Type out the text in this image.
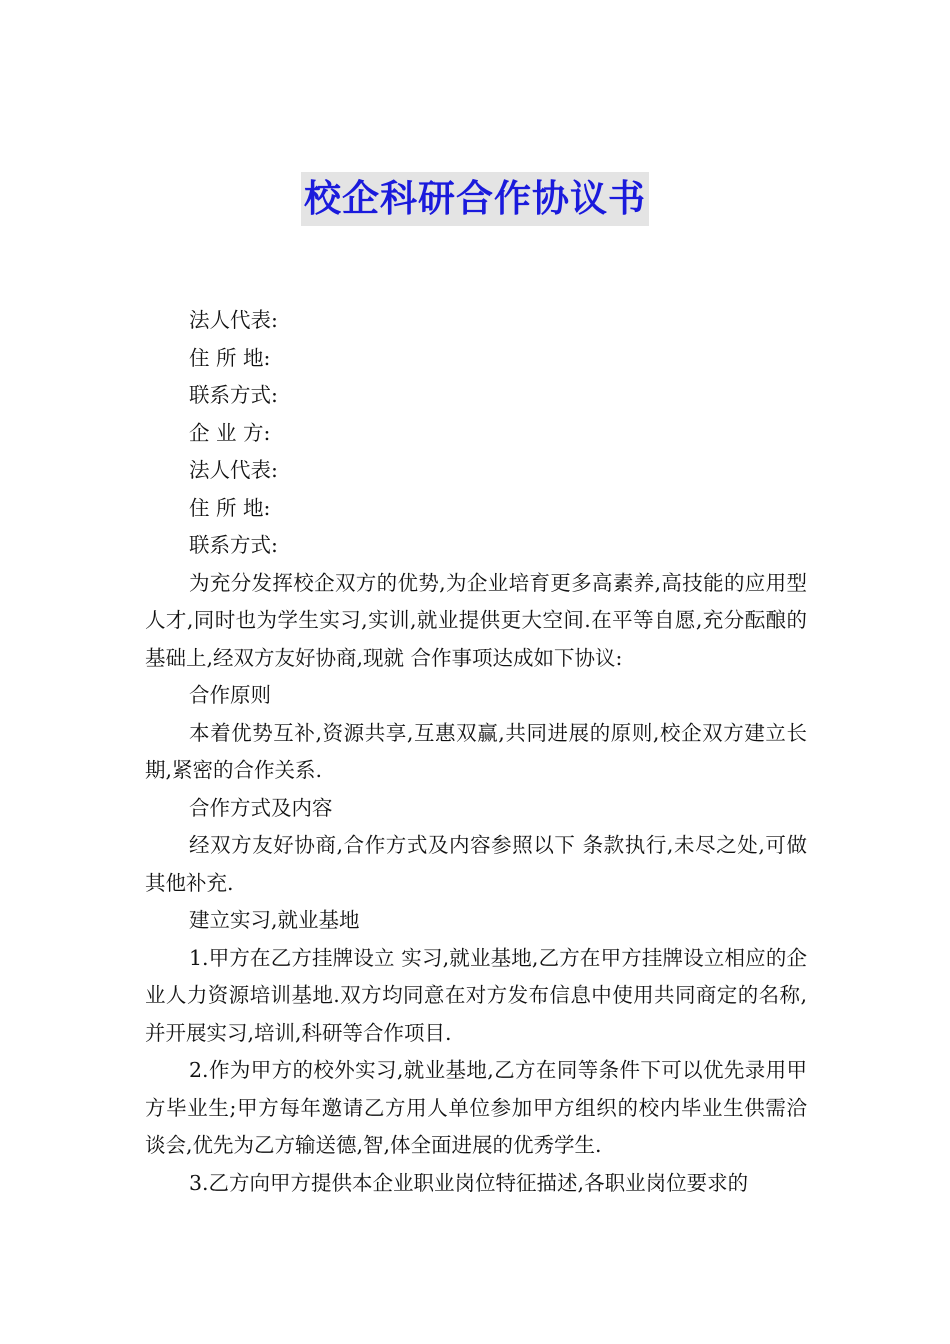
校企科研合作协议书

法人代表:

住 所 地:

联系方式:

企 业 方:

法人代表:

住 所 地:

联系方式:

为充分发挥校企双方的优势,为企业培育更多高素养,高技能的应用型人才,同时也为学生实习,实训,就业提供更大空间.在平等自愿,充分酝酿的基础上,经双方友好协商,现就 合作事项达成如下协议:

合作原则

本着优势互补,资源共享,互惠双赢,共同进展的原则,校企双方建立长期,紧密的合作关系.

合作方式及内容

经双方友好协商,合作方式及内容参照以下 条款执行,未尽之处,可做其他补充.

建立实习,就业基地

1.甲方在乙方挂牌设立 实习,就业基地,乙方在甲方挂牌设立相应的企业人力资源培训基地.双方均同意在对方发布信息中使用共同商定的名称,并开展实习,培训,科研等合作项目.

2.作为甲方的校外实习,就业基地,乙方在同等条件下可以优先录用甲方毕业生;甲方每年邀请乙方用人单位参加甲方组织的校内毕业生供需洽谈会,优先为乙方输送德,智,体全面进展的优秀学生.

3.乙方向甲方提供本企业职业岗位特征描述,各职业岗位要求的
